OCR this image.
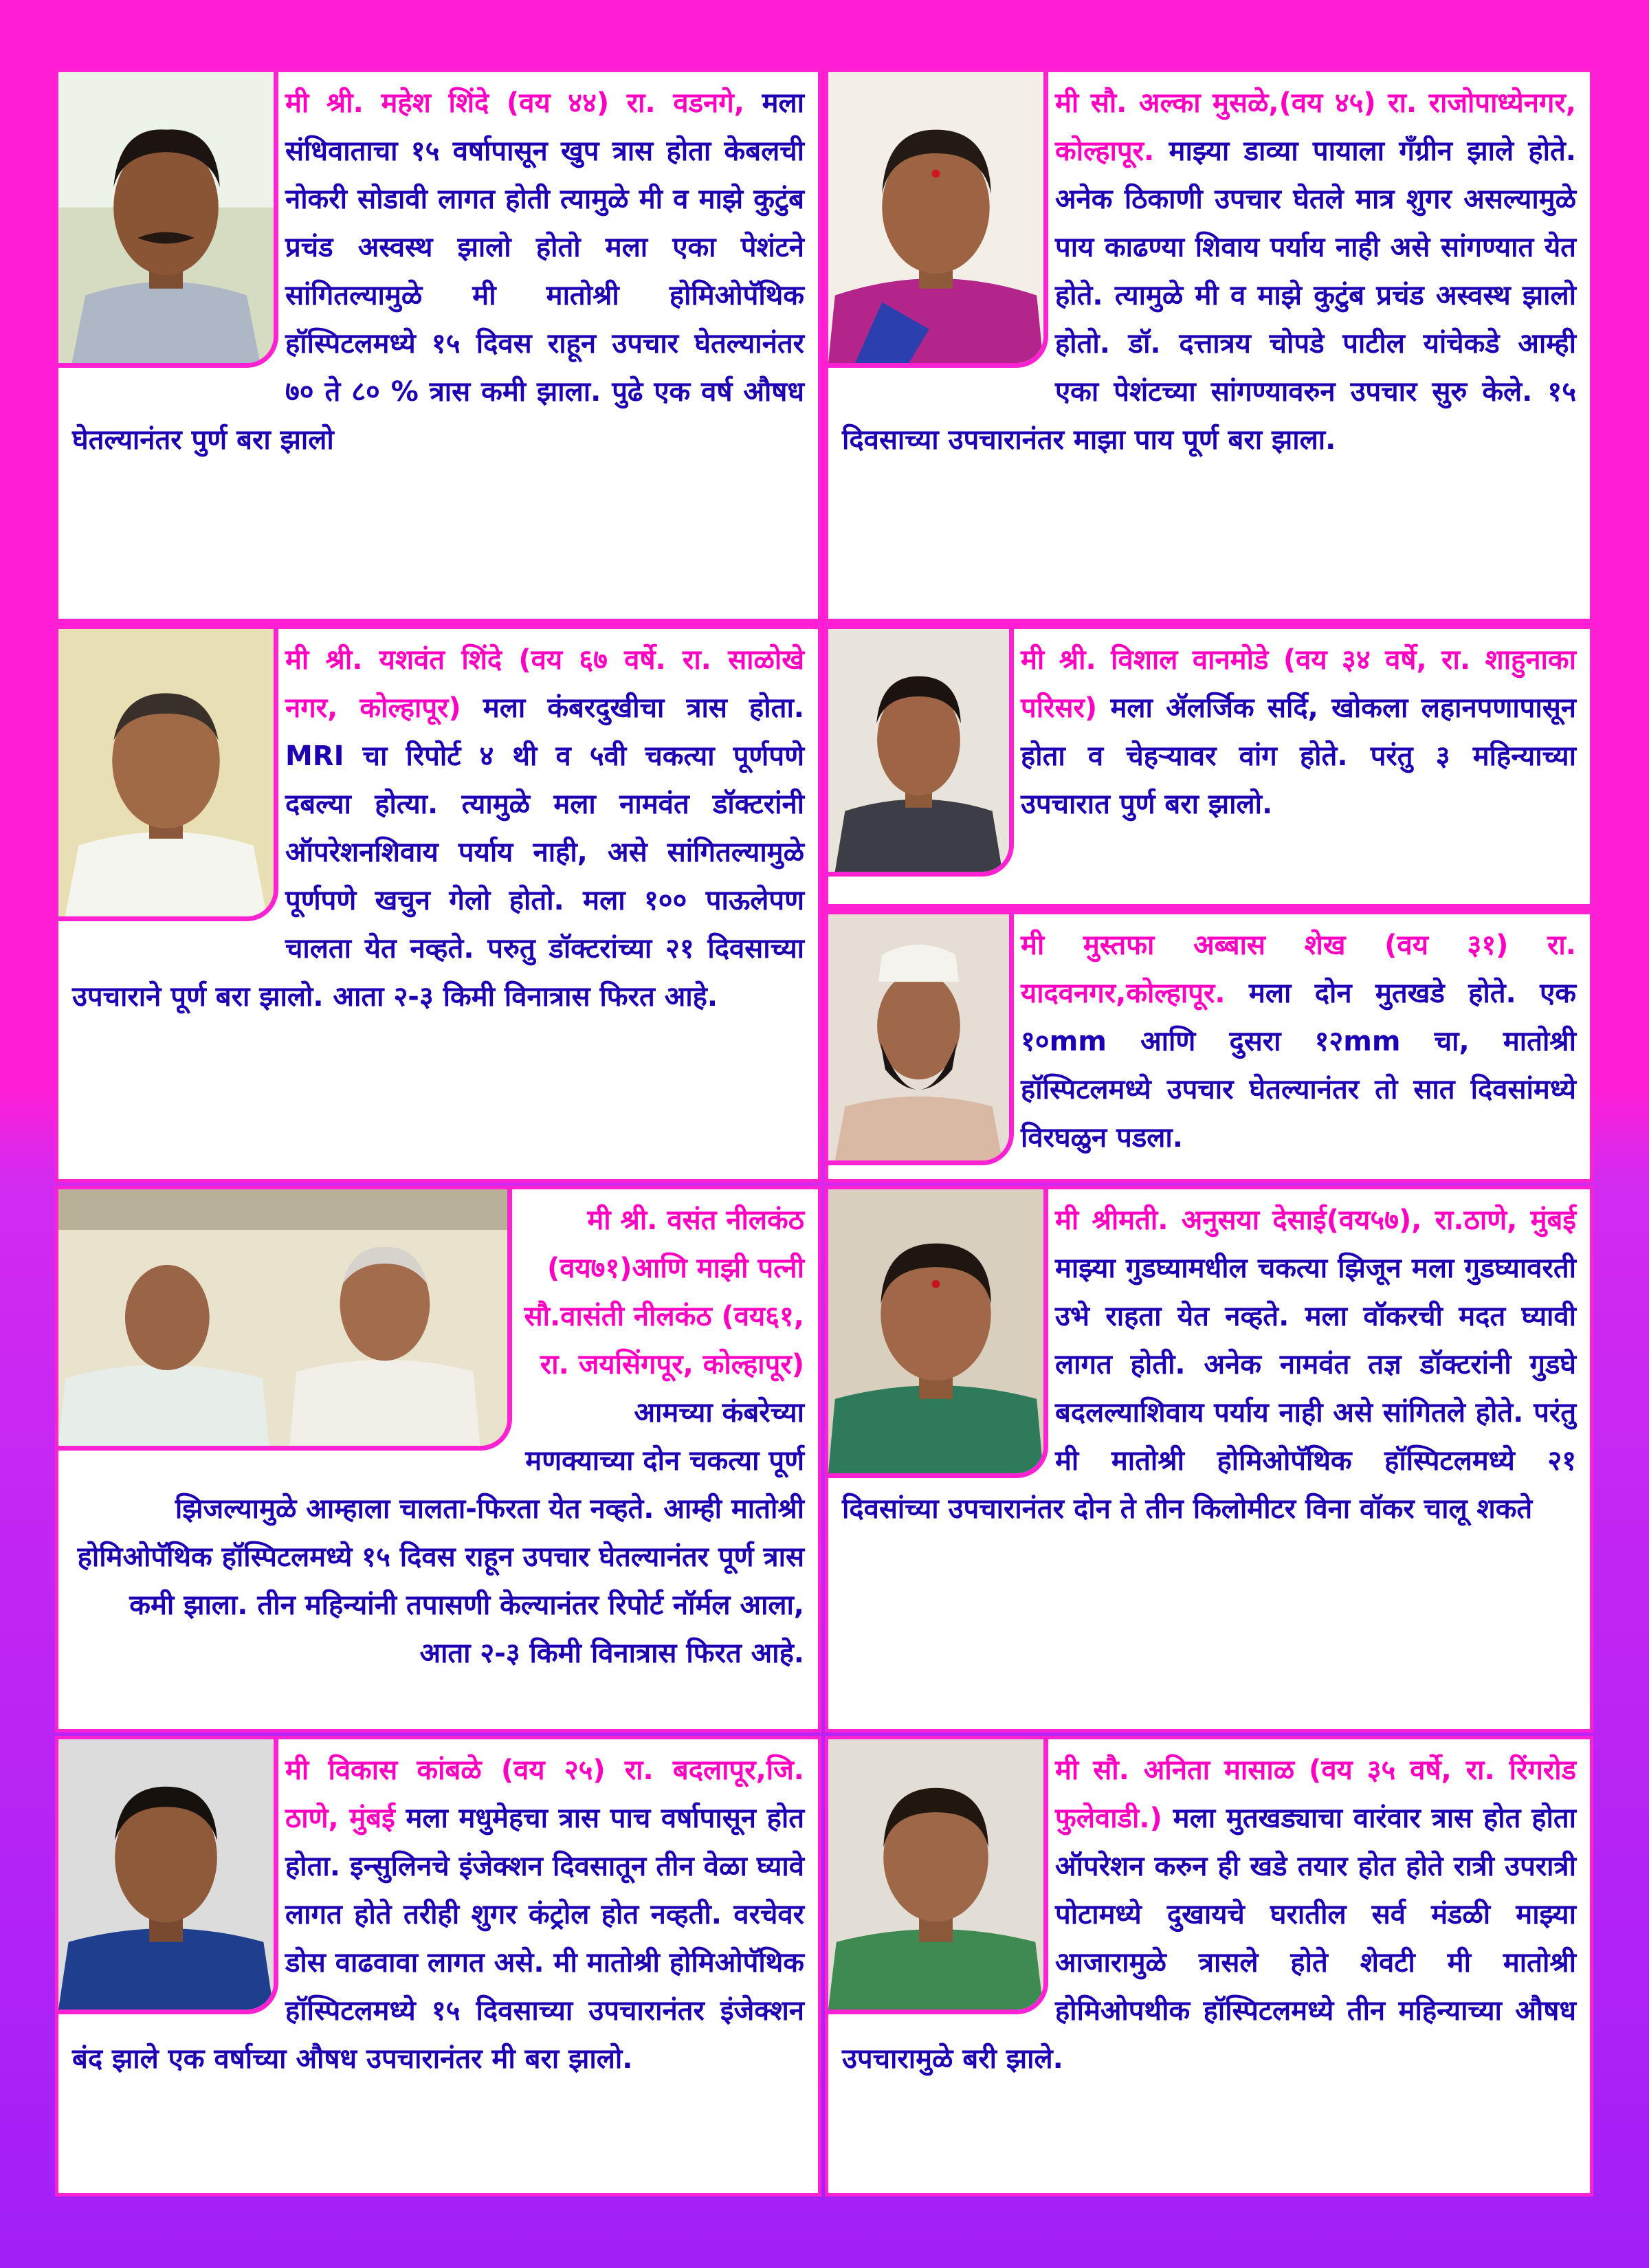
मी श्री. महेश शिंदे (वय ४४) रा. वडनगे, मला संधिवाताचा १५ वर्षापासून खुप त्रास होता केबलची नोकरी सोडावी लागत होती त्यामुळे मी व माझे कुटुंब प्रचंड अस्वस्थ झालो होतो मला एका पेशंटने सांगितल्यामुळे मी मातोश्री होमिओपॅथिक हॉस्पिटलमध्ये १५ दिवस राहून उपचार घेतल्यानंतर ७० ते ८० % त्रास कमी झाला. पुढे एक वर्ष औषध घेतल्यानंतर पुर्ण बरा झालो

मी सौ. अल्का मुसळे,(वय ४५) रा. राजोपाध्येनगर, कोल्हापूर. माझ्या डाव्या पायाला गँग्रीन झाले होते. अनेक ठिकाणी उपचार घेतले मात्र शुगर असल्यामुळे पाय काढण्या शिवाय पर्याय नाही असे सांगण्यात येत होते. त्यामुळे मी व माझे कुटुंब प्रचंड अस्वस्थ झालो होतो. डॉ. दत्तात्रय चोपडे पाटील यांचेकडे आम्ही एका पेशंटच्या सांगण्यावरुन उपचार सुरु केले. १५ दिवसाच्या उपचारानंतर माझा पाय पूर्ण बरा झाला.

मी श्री. यशवंत शिंदे (वय ६७ वर्षे. रा. साळोखे नगर, कोल्हापूर) मला कंबरदुखीचा त्रास होता. MRI चा रिपोर्ट ४ थी व ५वी चकत्या पूर्णपणे दबल्या होत्या. त्यामुळे मला नामवंत डॉक्टरांनी ऑपरेशनशिवाय पर्याय नाही, असे सांगितल्यामुळे पूर्णपणे खचुन गेलो होतो. मला १०० पाऊलेपण चालता येत नव्हते. परुतु डॉक्टरांच्या २१ दिवसाच्या उपचाराने पूर्ण बरा झालो. आता २-३ किमी विनात्रास फिरत आहे.

मी श्री. विशाल वानमोडे (वय ३४ वर्षे, रा. शाहुनाका परिसर) मला ॲलर्जिक सर्दि, खोकला लहानपणापासून होता व चेहऱ्यावर वांग होते. परंतु ३ महिन्याच्या उपचारात पुर्ण बरा झालो.

मी मुस्तफा अब्बास शेख (वय ३१) रा. यादवनगर,कोल्हापूर. मला दोन मुतखडे होते. एक १०mm आणि दुसरा १२mm चा, मातोश्री हॉस्पिटलमध्ये उपचार घेतल्यानंतर तो सात दिवसांमध्ये विरघळुन पडला.

मी श्री. वसंत नीलकंठ (वय७१)आणि माझी पत्नी सौ.वासंती नीलकंठ (वय६१, रा. जयसिंगपूर, कोल्हापूर) आमच्या कंबरेच्या मणक्याच्या दोन चकत्या पूर्ण झिजल्यामुळे आम्हाला चालता-फिरता येत नव्हते. आम्ही मातोश्री होमिओपॅथिक हॉस्पिटलमध्ये १५ दिवस राहून उपचार घेतल्यानंतर पूर्ण त्रास कमी झाला. तीन महिन्यांनी तपासणी केल्यानंतर रिपोर्ट नॉर्मल आला, आता २-३ किमी विनात्रास फिरत आहे.

मी श्रीमती. अनुसया देसाई(वय५७), रा.ठाणे, मुंबई माझ्या गुडघ्यामधील चकत्या झिजून मला गुडघ्यावरती उभे राहता येत नव्हते. मला वॉकरची मदत घ्यावी लागत होती. अनेक नामवंत तज्ञ डॉक्टरांनी गुडघे बदलल्याशिवाय पर्याय नाही असे सांगितले होते. परंतु मी मातोश्री होमिओपॅथिक हॉस्पिटलमध्ये २१ दिवसांच्या उपचारानंतर दोन ते तीन किलोमीटर विना वॉकर चालू शकते

मी विकास कांबळे (वय २५) रा. बदलापूर,जि. ठाणे, मुंबई मला मधुमेहचा त्रास पाच वर्षापासून होत होता. इन्सुलिनचे इंजेक्शन दिवसातून तीन वेळा घ्यावे लागत होते तरीही शुगर कंट्रोल होत नव्हती. वरचेवर डोस वाढवावा लागत असे. मी मातोश्री होमिओपॅथिक हॉस्पिटलमध्ये १५ दिवसाच्या उपचारानंतर इंजेक्शन बंद झाले एक वर्षाच्या औषध उपचारानंतर मी बरा झालो.

मी सौ. अनिता मासाळ (वय ३५ वर्षे, रा. रिंगरोड फुलेवाडी.) मला मुतखड्याचा वारंवार त्रास होत होता ऑपरेशन करुन ही खडे तयार होत होते रात्री उपरात्री पोटामध्ये दुखायचे घरातील सर्व मंडळी माझ्या आजारामुळे त्रासले होते शेवटी मी मातोश्री होमिओपथीक हॉस्पिटलमध्ये तीन महिन्याच्या औषध उपचारामुळे बरी झाले.
